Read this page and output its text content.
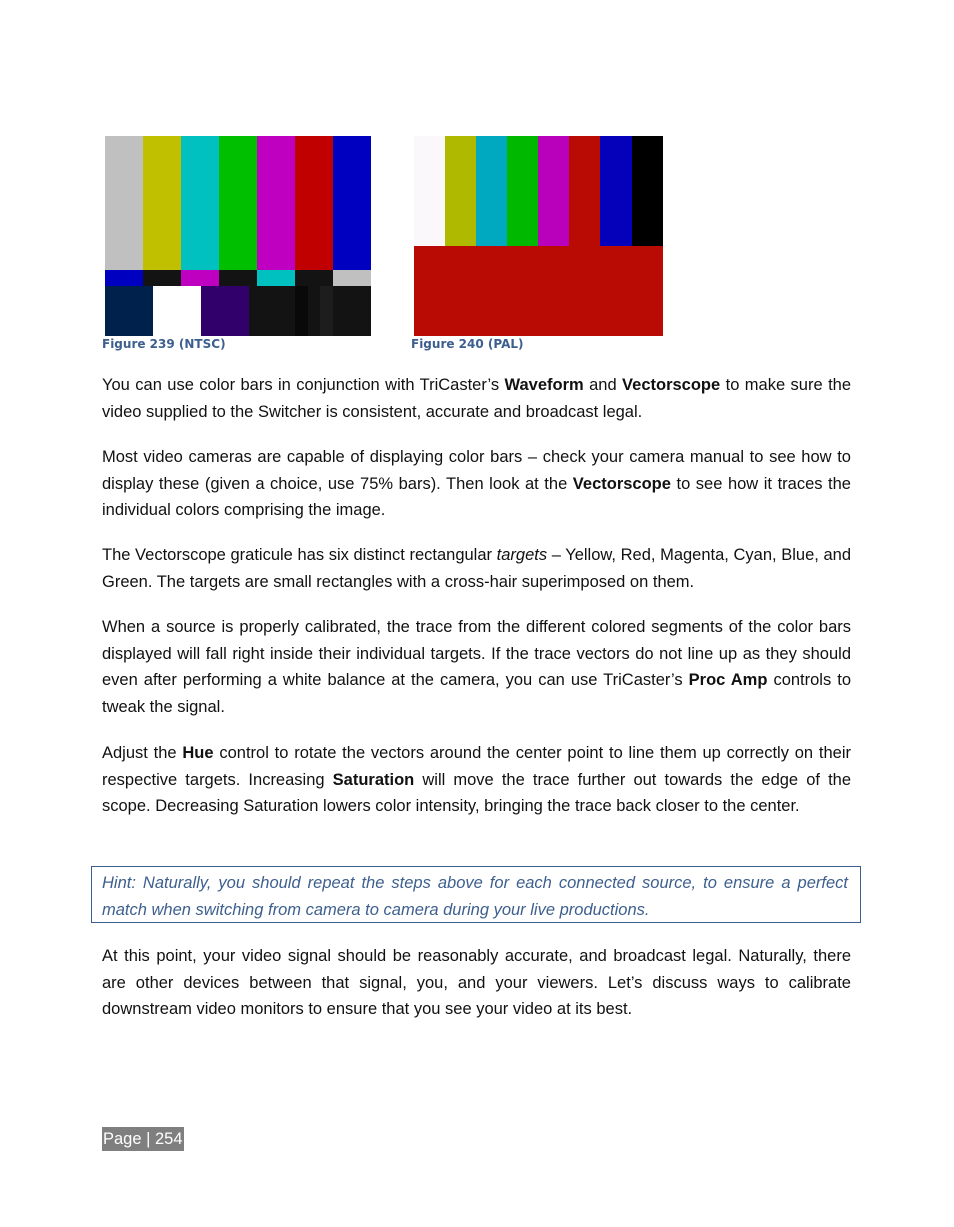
Figure 239 (NTSC)	Figure 240 (PAL)

You can use color bars in conjunction with TriCaster’s Waveform and Vectorscope to make sure the video supplied to the Switcher is consistent, accurate and broadcast legal.

Most video cameras are capable of displaying color bars – check your camera manual to see how to display these (given a choice, use 75% bars). Then look at the Vectorscope to see how it traces the individual colors comprising the image.

The Vectorscope graticule has six distinct rectangular targets – Yellow, Red, Magenta, Cyan, Blue, and Green. The targets are small rectangles with a cross-hair superimposed on them.

When a source is properly calibrated, the trace from the different colored segments of the color bars displayed will fall right inside their individual targets. If the trace vectors do not line up as they should even after performing a white balance at the camera, you can use TriCaster’s Proc Amp controls to tweak the signal.

Adjust the Hue control to rotate the vectors around the center point to line them up correctly on their respective targets. Increasing Saturation will move the trace further out towards the edge of the scope. Decreasing Saturation lowers color intensity, bringing the trace back closer to the center.

Hint: Naturally, you should repeat the steps above for each connected source, to ensure a perfect match when switching from camera to camera during your live productions.

At this point, your video signal should be reasonably accurate, and broadcast legal. Naturally, there are other devices between that signal, you, and your viewers. Let’s discuss ways to calibrate downstream video monitors to ensure that you see your video at its best.

Page | 254
